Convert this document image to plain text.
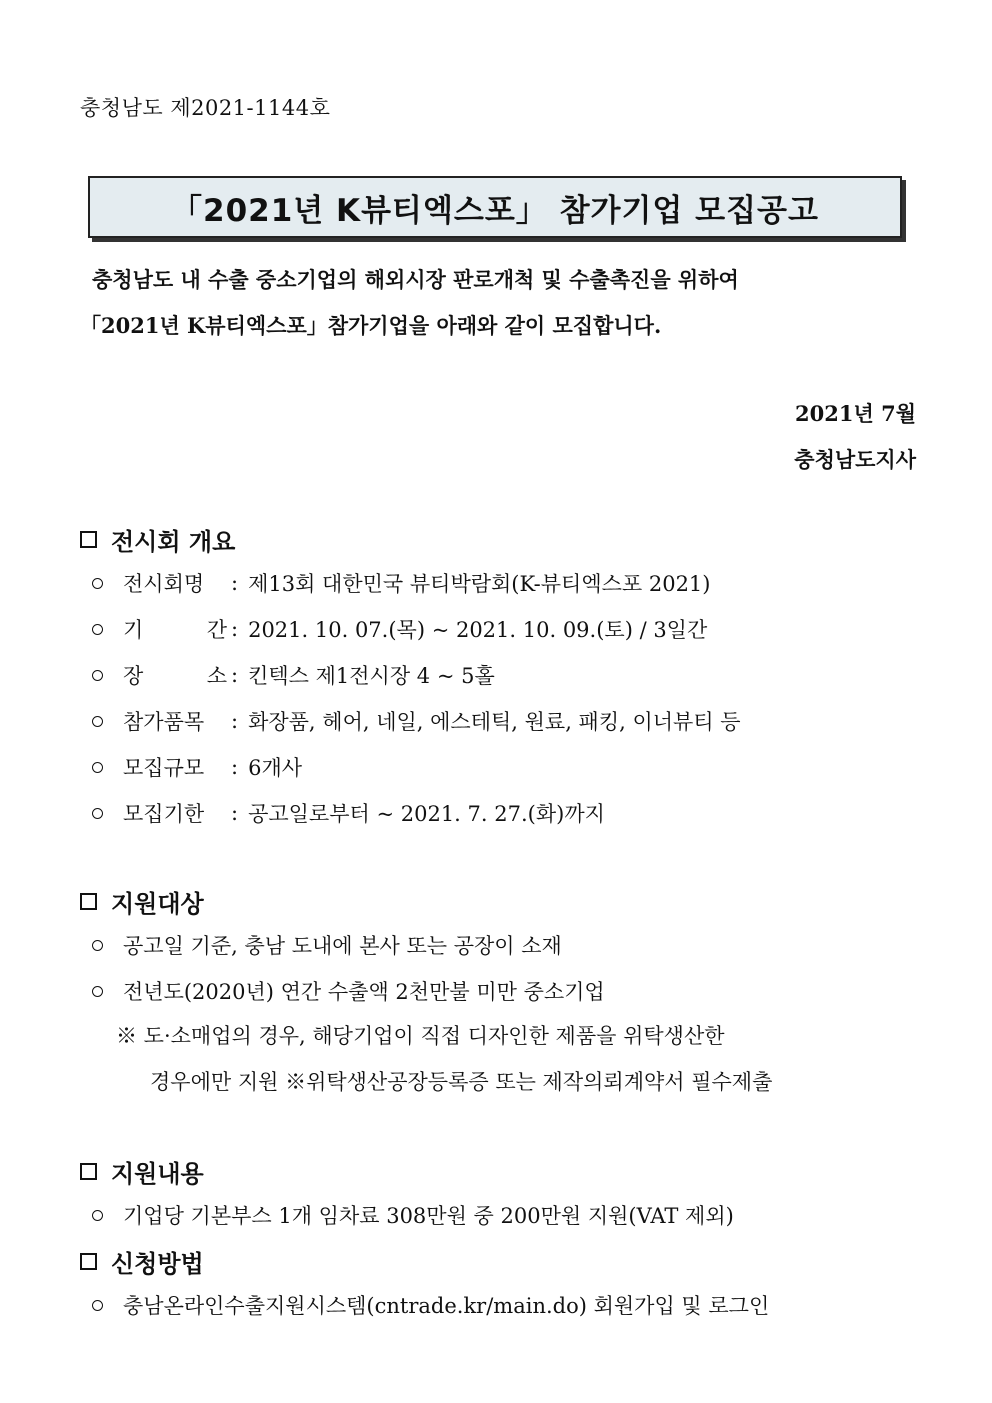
충청남도 제2021-1144호
「2021년 K뷰티엑스포」 참가기업 모집공고
충청남도 내 수출 중소기업의 해외시장 판로개척 및 수출촉진을 위하여
「2021년 K뷰티엑스포」참가기업을 아래와 같이 모집합니다.
2021년 7월
충청남도지사
전시회 개요
전시회명	: 제13회 대한민국 뷰티박람회(K-뷰티엑스포 2021)
기	간 : 2021. 10. 07.(목) ~ 2021. 10. 09.(토) / 3일간
장	소 : 킨텍스 제1전시장 4 ~ 5홀
참가품목	: 화장품, 헤어, 네일, 에스테틱, 원료, 패킹, 이너뷰티 등
모집규모	: 6개사
모집기한	: 공고일로부터 ~ 2021. 7. 27.(화)까지
지원대상
공고일 기준, 충남 도내에 본사 또는 공장이 소재
전년도(2020년) 연간 수출액 2천만불 미만 중소기업
※ 도·소매업의 경우, 해당기업이 직접 디자인한 제품을 위탁생산한
경우에만 지원 ※위탁생산공장등록증 또는 제작의뢰계약서 필수제출
지원내용
기업당 기본부스 1개 임차료 308만원 중 200만원 지원(VAT 제외)
신청방법
충남온라인수출지원시스템(cntrade.kr/main.do) 회원가입 및 로그인
